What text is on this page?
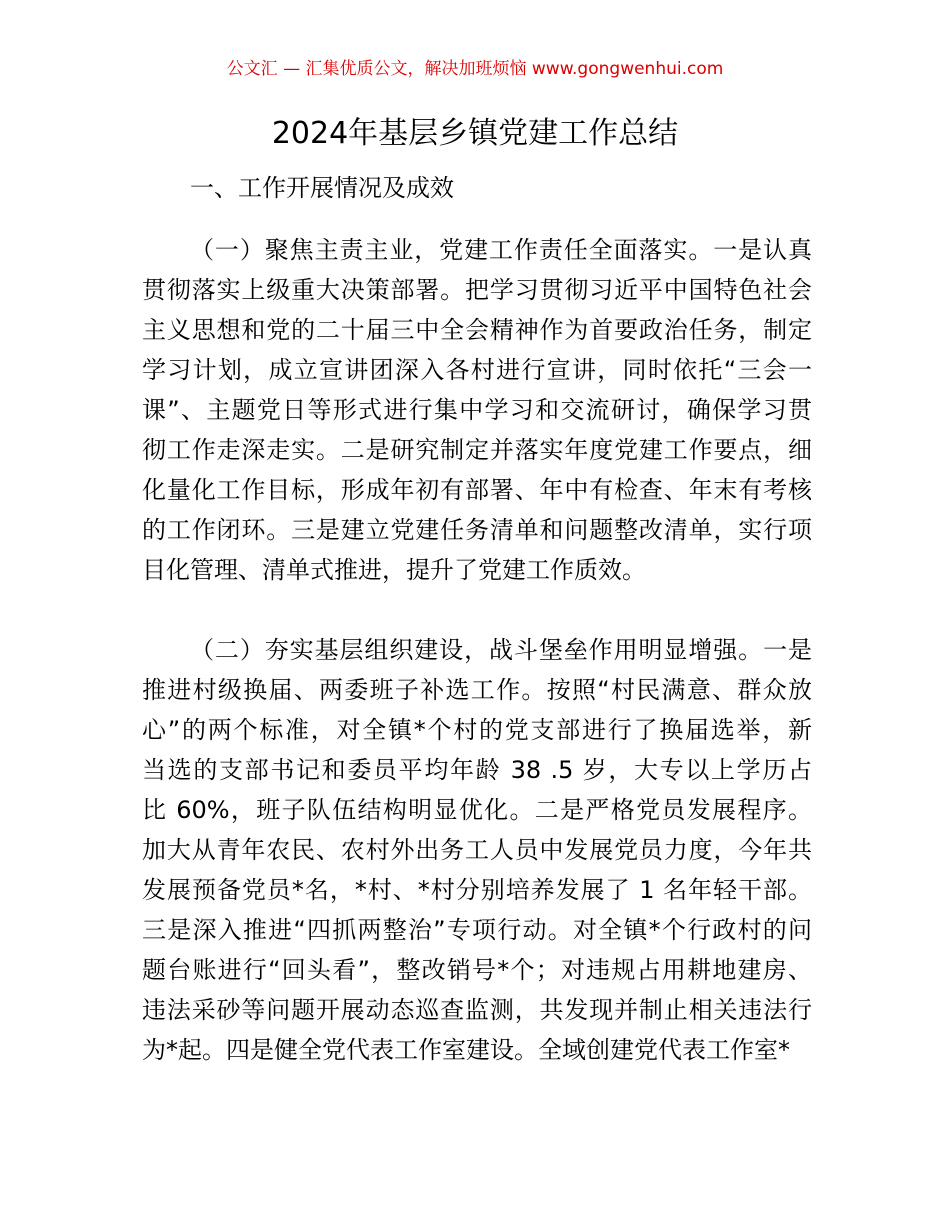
公文汇 — 汇集优质公文，解决加班烦恼 www.gongwenhui.com
2024年基层乡镇党建工作总结
一、工作开展情况及成效
（一）聚焦主责主业，党建工作责任全面落实。一是认真
贯彻落实上级重大决策部署。把学习贯彻习近平中国特色社会
主义思想和党的二十届三中全会精神作为首要政治任务，制定
学习计划，成立宣讲团深入各村进行宣讲，同时依托“三会一
课”、主题党日等形式进行集中学习和交流研讨，确保学习贯
彻工作走深走实。二是研究制定并落实年度党建工作要点，细
化量化工作目标，形成年初有部署、年中有检查、年末有考核
的工作闭环。三是建立党建任务清单和问题整改清单，实行项
目化管理、清单式推进，提升了党建工作质效。
（二）夯实基层组织建设，战斗堡垒作用明显增强。一是
推进村级换届、两委班子补选工作。按照“村民满意、群众放
心”的两个标准，对全镇*个村的党支部进行了换届选举，新
当选的支部书记和委员平均年龄 38 .5 岁，大专以上学历占
比 60%，班子队伍结构明显优化。二是严格党员发展程序。
加大从青年农民、农村外出务工人员中发展党员力度，今年共
发展预备党员*名，*村、*村分别培养发展了 1 名年轻干部。
三是深入推进“四抓两整治”专项行动。对全镇*个行政村的问
题台账进行“回头看”，整改销号*个；对违规占用耕地建房、
违法采砂等问题开展动态巡查监测，共发现并制止相关违法行
为*起。四是健全党代表工作室建设。全域创建党代表工作室*
